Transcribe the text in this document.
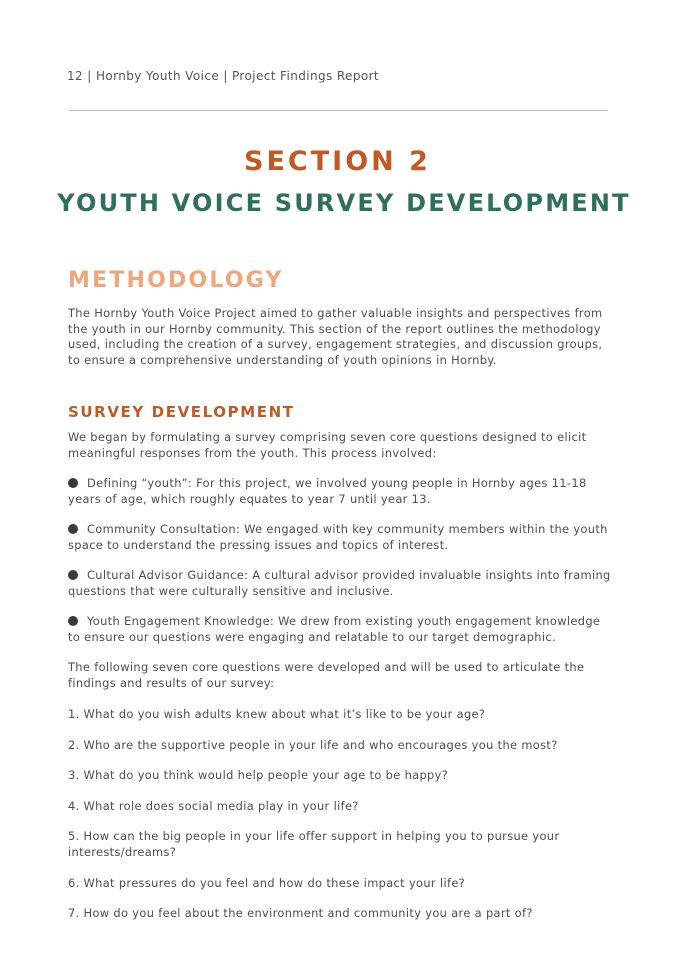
12 | Hornby Youth Voice | Project Findings Report
SECTION 2
YOUTH VOICE SURVEY DEVELOPMENT
METHODOLOGY

The Hornby Youth Voice Project aimed to gather valuable insights and perspectives from the youth in our Hornby community. This section of the report outlines the methodology used, including the creation of a survey, engagement strategies, and discussion groups, to ensure a comprehensive understanding of youth opinions in Hornby.

SURVEY DEVELOPMENT

We began by formulating a survey comprising seven core questions designed to elicit meaningful responses from the youth. This process involved:

Defining “youth”: For this project, we involved young people in Hornby ages 11-18 years of age, which roughly equates to year 7 until year 13.

Community Consultation: We engaged with key community members within the youth space to understand the pressing issues and topics of interest.

Cultural Advisor Guidance: A cultural advisor provided invaluable insights into framing questions that were culturally sensitive and inclusive.

Youth Engagement Knowledge: We drew from existing youth engagement knowledge to ensure our questions were engaging and relatable to our target demographic.

The following seven core questions were developed and will be used to articulate the findings and results of our survey:

1. What do you wish adults knew about what it’s like to be your age?

2. Who are the supportive people in your life and who encourages you the most?

3. What do you think would help people your age to be happy?

4. What role does social media play in your life?

5. How can the big people in your life offer support in helping you to pursue your interests/dreams?

6. What pressures do you feel and how do these impact your life?

7. How do you feel about the environment and community you are a part of?
